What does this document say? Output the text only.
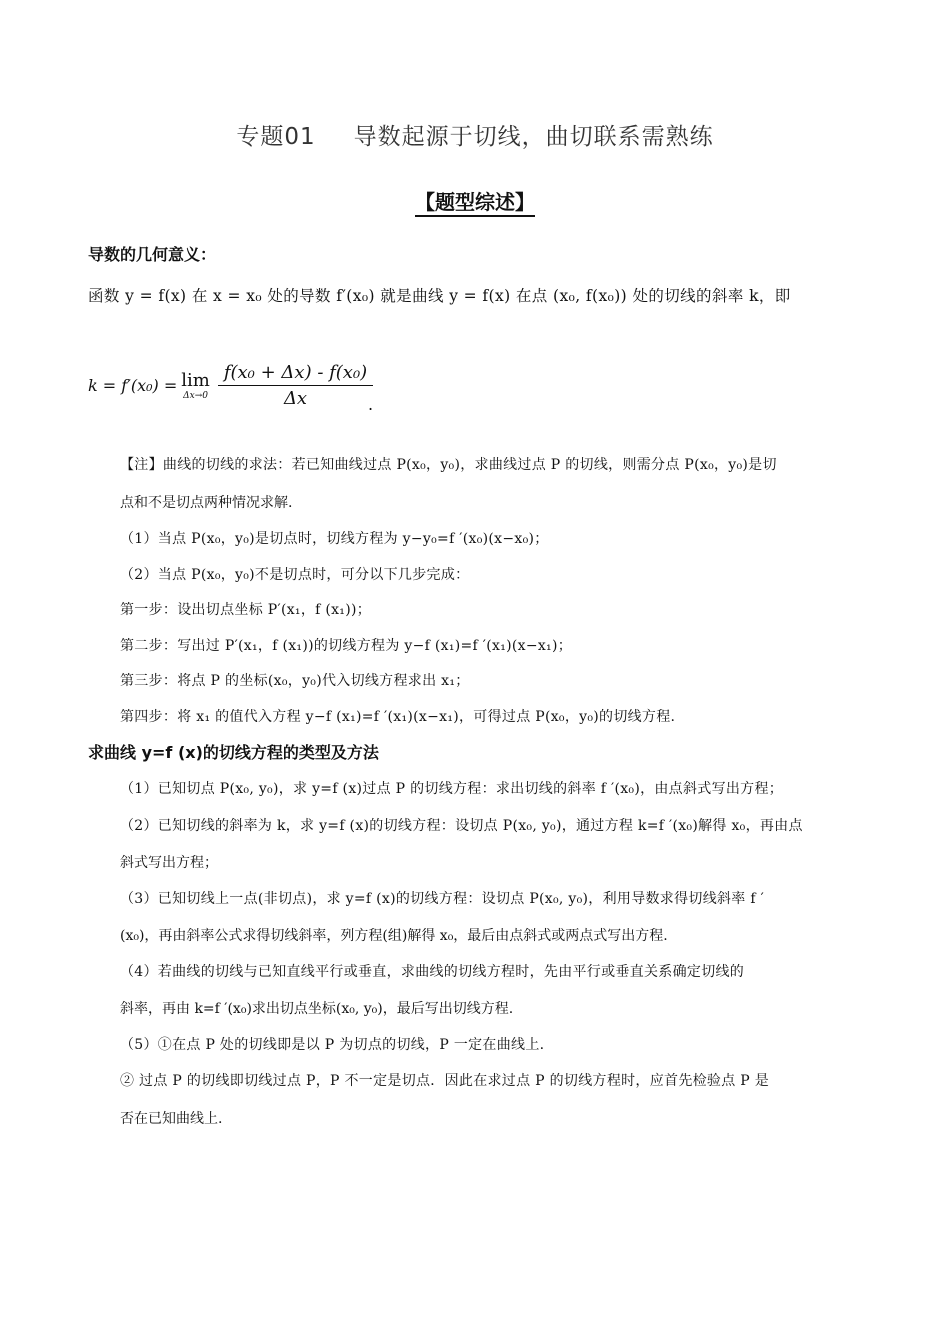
专题01 导数起源于切线，曲切联系需熟练
【题型综述】
导数的几何意义：
函数 y = f(x) 在 x = x₀ 处的导数 f′(x₀) 就是曲线 y = f(x) 在点 (x₀, f(x₀)) 处的切线的斜率 k，即
k = f′(x₀) = lim
$\Delta x\to 0 \frac{\text{f(x₀ + Δx) - f(x₀)}}{\Delta x}$
.
【注】曲线的切线的求法：若已知曲线过点 P(x₀，y₀)，求曲线过点 P 的切线，则需分点 P(x₀，y₀)是切
点和不是切点两种情况求解.
（1）当点 P(x₀，y₀)是切点时，切线方程为 y−y₀=f ′(x₀)(x−x₀)；
（2）当点 P(x₀，y₀)不是切点时，可分以下几步完成：
第一步：设出切点坐标 P′(x₁，f (x₁))；
第二步：写出过 P′(x₁，f (x₁))的切线方程为 y−f (x₁)=f ′(x₁)(x−x₁)；
第三步：将点 P 的坐标(x₀，y₀)代入切线方程求出 x₁；
第四步：将 x₁ 的值代入方程 y−f (x₁)=f ′(x₁)(x−x₁)，可得过点 P(x₀，y₀)的切线方程.
求曲线 y=f (x)的切线方程的类型及方法
（1）已知切点 P(x₀, y₀)，求 y=f (x)过点 P 的切线方程：求出切线的斜率 f ′(x₀)，由点斜式写出方程；
（2）已知切线的斜率为 k，求 y=f (x)的切线方程：设切点 P(x₀, y₀)，通过方程 k=f ′(x₀)解得 x₀，再由点
斜式写出方程；
（3）已知切线上一点(非切点)，求 y=f (x)的切线方程：设切点 P(x₀, y₀)，利用导数求得切线斜率 f ′
(x₀)，再由斜率公式求得切线斜率，列方程(组)解得 x₀，最后由点斜式或两点式写出方程.
（4）若曲线的切线与已知直线平行或垂直，求曲线的切线方程时，先由平行或垂直关系确定切线的
斜率，再由 k=f ′(x₀)求出切点坐标(x₀, y₀)，最后写出切线方程.
（5）①在点 P 处的切线即是以 P 为切点的切线，P 一定在曲线上.
② 过点 P 的切线即切线过点 P，P 不一定是切点．因此在求过点 P 的切线方程时，应首先检验点 P 是
否在已知曲线上.
